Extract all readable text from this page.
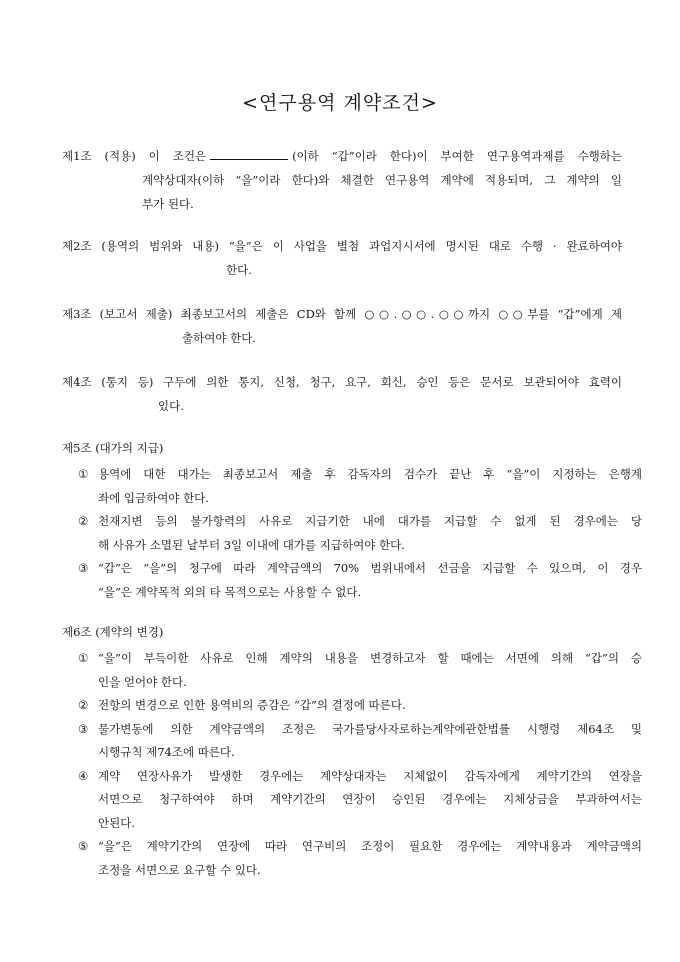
<연구용역 계약조건>
제1조 (적용) 이 조건은	(이하 “갑”이라 한다)이 부여한 연구용역과제를 수행하는
계약상대자(이하 “을”이라 한다)와 체결한 연구용역 계약에 적용되며, 그 계약의 일
부가 된다.
제2조 (용역의 범위와 내용) “을”은 이 사업을 별첨 과업지시서에 명시된 대로 수행 · 완료하여야
한다.
제3조 (보고서 제출) 최종보고서의 제출은 CD와 함께 ○○.○○.○○까지 ○○부를 “갑”에게 제
출하여야 한다.
제4조 (통지 등) 구두에 의한 통지, 신청, 청구, 요구, 회신, 승인 등은 문서로 보관되어야 효력이
있다.
제5조 (대가의 지급)
① 용역에 대한 대가는 최종보고서 제출 후 감독자의 검수가 끝난 후 “을”이 지정하는 은행계
좌에 입금하여야 한다.
② 천재지변 등의 불가항력의 사유로 지급기한 내에 대가를 지급할 수 없게 된 경우에는 당
해 사유가 소멸된 날부터 3일 이내에 대가를 지급하여야 한다.
③ “갑”은 “을”의 청구에 따라 계약금액의 70% 범위내에서 선금을 지급할 수 있으며, 이 경우
“을”은 계약목적 외의 타 목적으로는 사용할 수 없다.
제6조 (계약의 변경)
① “을”이 부득이한 사유로 인해 계약의 내용을 변경하고자 할 때에는 서면에 의해 “갑”의 승
인을 얻어야 한다.
② 전항의 변경으로 인한 용역비의 증감은 “갑”의 결정에 따른다.
③ 물가변동에 의한 계약금액의 조정은 국가를당사자로하는계약에관한법률 시행령 제64조 및
시행규칙 제74조에 따른다.
④ 계약 연장사유가 발생한 경우에는 계약상대자는 지체없이 감독자에게 계약기간의 연장을
서면으로 청구하여야 하며 계약기간의 연장이 승인된 경우에는 지체상금을 부과하여서는
안된다.
⑤ “을”은 계약기간의 연장에 따라 연구비의 조정이 필요한 경우에는 계약내용과 계약금액의
조정을 서면으로 요구할 수 있다.
